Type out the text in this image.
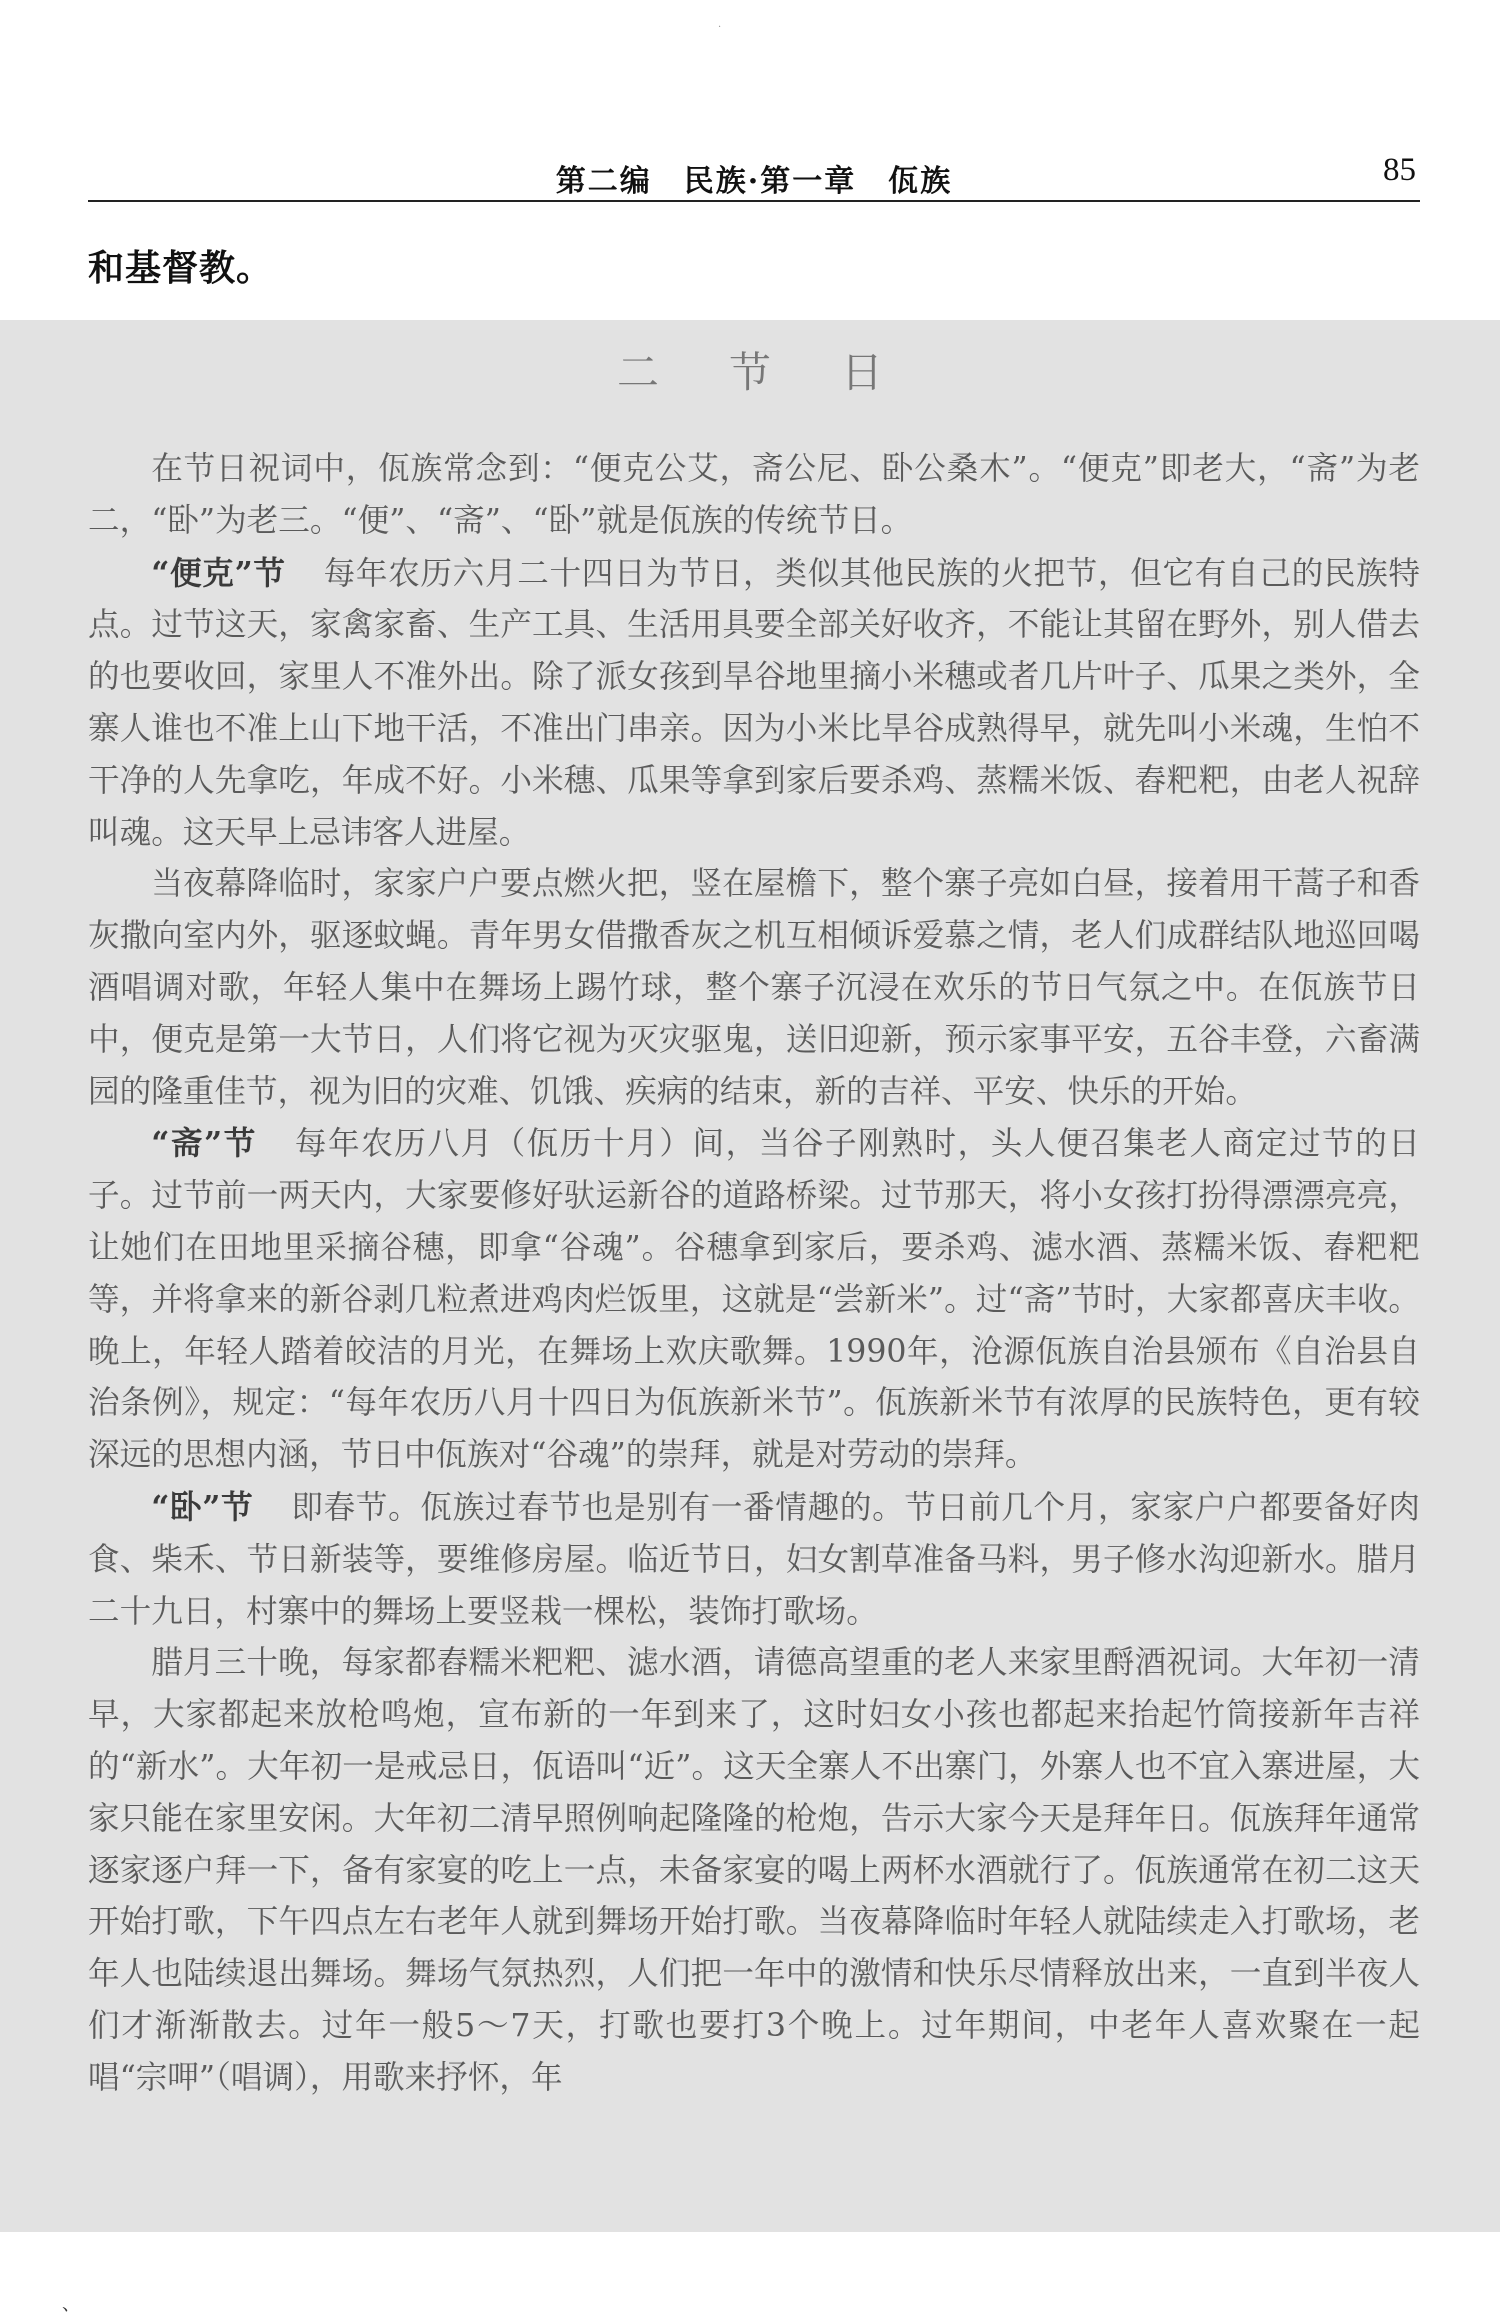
·
第二编　民族·第一章　佤族	85
和基督教。
二节日

在节日祝词中，佤族常念到：“便克公艾，斋公尼、卧公桑木”。“便克”即老大，“斋”为老二，“卧”为老三。“便”、“斋”、“卧”就是佤族的传统节日。

“便克”节 每年农历六月二十四日为节日，类似其他民族的火把节，但它有自己的民族特点。过节这天，家禽家畜、生产工具、生活用具要全部关好收齐，不能让其留在野外，别人借去的也要收回，家里人不准外出。除了派女孩到旱谷地里摘小米穗或者几片叶子、瓜果之类外，全寨人谁也不准上山下地干活，不准出门串亲。因为小米比旱谷成熟得早，就先叫小米魂，生怕不干净的人先拿吃，年成不好。小米穗、瓜果等拿到家后要杀鸡、蒸糯米饭、舂粑粑，由老人祝辞叫魂。这天早上忌讳客人进屋。

当夜幕降临时，家家户户要点燃火把，竖在屋檐下，整个寨子亮如白昼，接着用干蒿子和香灰撒向室内外，驱逐蚊蝇。青年男女借撒香灰之机互相倾诉爱慕之情，老人们成群结队地巡回喝酒唱调对歌，年轻人集中在舞场上踢竹球，整个寨子沉浸在欢乐的节日气氛之中。在佤族节日中，便克是第一大节日，人们将它视为灭灾驱鬼，送旧迎新，预示家事平安，五谷丰登，六畜满园的隆重佳节，视为旧的灾难、饥饿、疾病的结束，新的吉祥、平安、快乐的开始。

“斋”节 每年农历八月（佤历十月）间，当谷子刚熟时，头人便召集老人商定过节的日子。过节前一两天内，大家要修好驮运新谷的道路桥梁。过节那天，将小女孩打扮得漂漂亮亮，让她们在田地里采摘谷穗，即拿“谷魂”。谷穗拿到家后，要杀鸡、滤水酒、蒸糯米饭、舂粑粑等，并将拿来的新谷剥几粒煮进鸡肉烂饭里，这就是“尝新米”。过“斋”节时，大家都喜庆丰收。晚上，年轻人踏着皎洁的月光，在舞场上欢庆歌舞。1990年，沧源佤族自治县颁布《自治县自治条例》，规定：“每年农历八月十四日为佤族新米节”。佤族新米节有浓厚的民族特色，更有较深远的思想内涵，节日中佤族对“谷魂”的崇拜，就是对劳动的崇拜。

“卧”节 即春节。佤族过春节也是别有一番情趣的。节日前几个月，家家户户都要备好肉食、柴禾、节日新装等，要维修房屋。临近节日，妇女割草准备马料，男子修水沟迎新水。腊月二十九日，村寨中的舞场上要竖栽一棵松，装饰打歌场。

腊月三十晚，每家都舂糯米粑粑、滤水酒，请德高望重的老人来家里酹酒祝词。大年初一清早，大家都起来放枪鸣炮，宣布新的一年到来了，这时妇女小孩也都起来抬起竹筒接新年吉祥的“新水”。大年初一是戒忌日，佤语叫“近”。这天全寨人不出寨门，外寨人也不宜入寨进屋，大家只能在家里安闲。大年初二清早照例响起隆隆的枪炮，告示大家今天是拜年日。佤族拜年通常逐家逐户拜一下，备有家宴的吃上一点，未备家宴的喝上两杯水酒就行了。佤族通常在初二这天开始打歌，下午四点左右老年人就到舞场开始打歌。当夜幕降临时年轻人就陆续走入打歌场，老年人也陆续退出舞场。舞场气氛热烈，人们把一年中的激情和快乐尽情释放出来，一直到半夜人们才渐渐散去。过年一般5～7天，打歌也要打3个晚上。过年期间，中老年人喜欢聚在一起唱“宗呷”（唱调），用歌来抒怀，年

、
